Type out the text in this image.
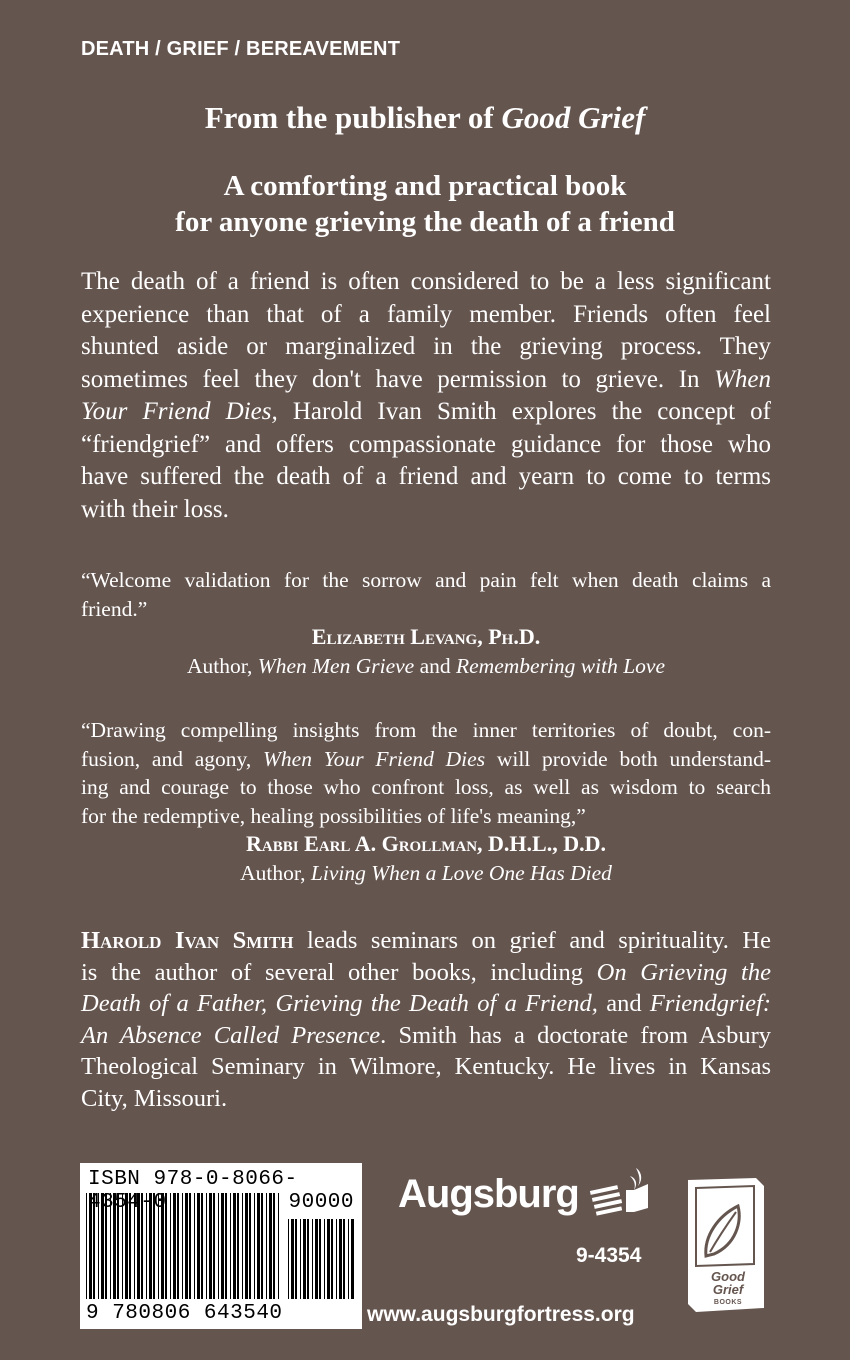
DEATH / GRIEF / BEREAVEMENT
From the publisher of Good Grief
A comforting and practical book
for anyone grieving the death of a friend
The death of a friend is often considered to be a less significant
experience than that of a family member. Friends often feel
shunted aside or marginalized in the grieving process. They
sometimes feel they don't have permission to grieve. In When
Your Friend Dies, Harold Ivan Smith explores the concept of
“friendgrief” and offers compassionate guidance for those who
have suffered the death of a friend and yearn to come to terms
with their loss.
“Welcome validation for the sorrow and pain felt when death claims a
friend.”
Elizabeth Levang, Ph.D.
Author, When Men Grieve and Remembering with Love
“Drawing compelling insights from the inner territories of doubt, con-
fusion, and agony, When Your Friend Dies will provide both understand-
ing and courage to those who confront loss, as well as wisdom to search
for the redemptive, healing possibilities of life's meaning,”
Rabbi Earl A. Grollman, D.H.L., D.D.
Author, Living When a Love One Has Died
Harold Ivan Smith leads seminars on grief and spirituality. He
is the author of several other books, including On Grieving the
Death of a Father, Grieving the Death of a Friend, and Friendgrief:
An Absence Called Presence. Smith has a doctorate from Asbury
Theological Seminary in Wilmore, Kentucky. He lives in Kansas
City, Missouri.
ISBN 978-0-8066- 354-0	90000
9 780806 643540
Augsburg
9-4354
www.augsburgfortress.org
Good
Grief
BOOKS
